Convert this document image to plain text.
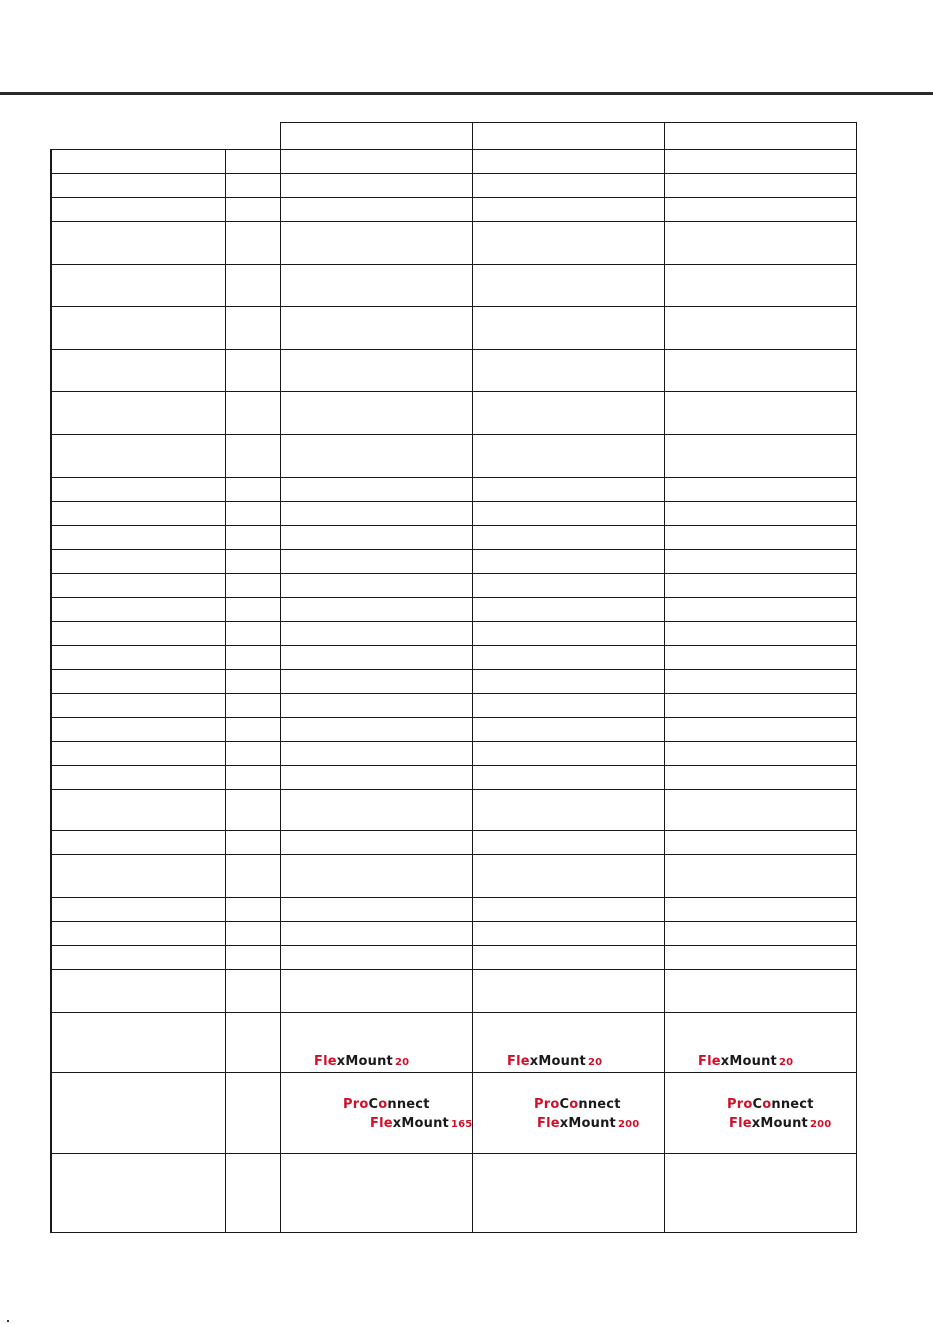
FlexMount 20	FlexMount 20	FlexMount 20
ProConnect
FlexMount 165
ProConnect
FlexMount 200
ProConnect
FlexMount 200
